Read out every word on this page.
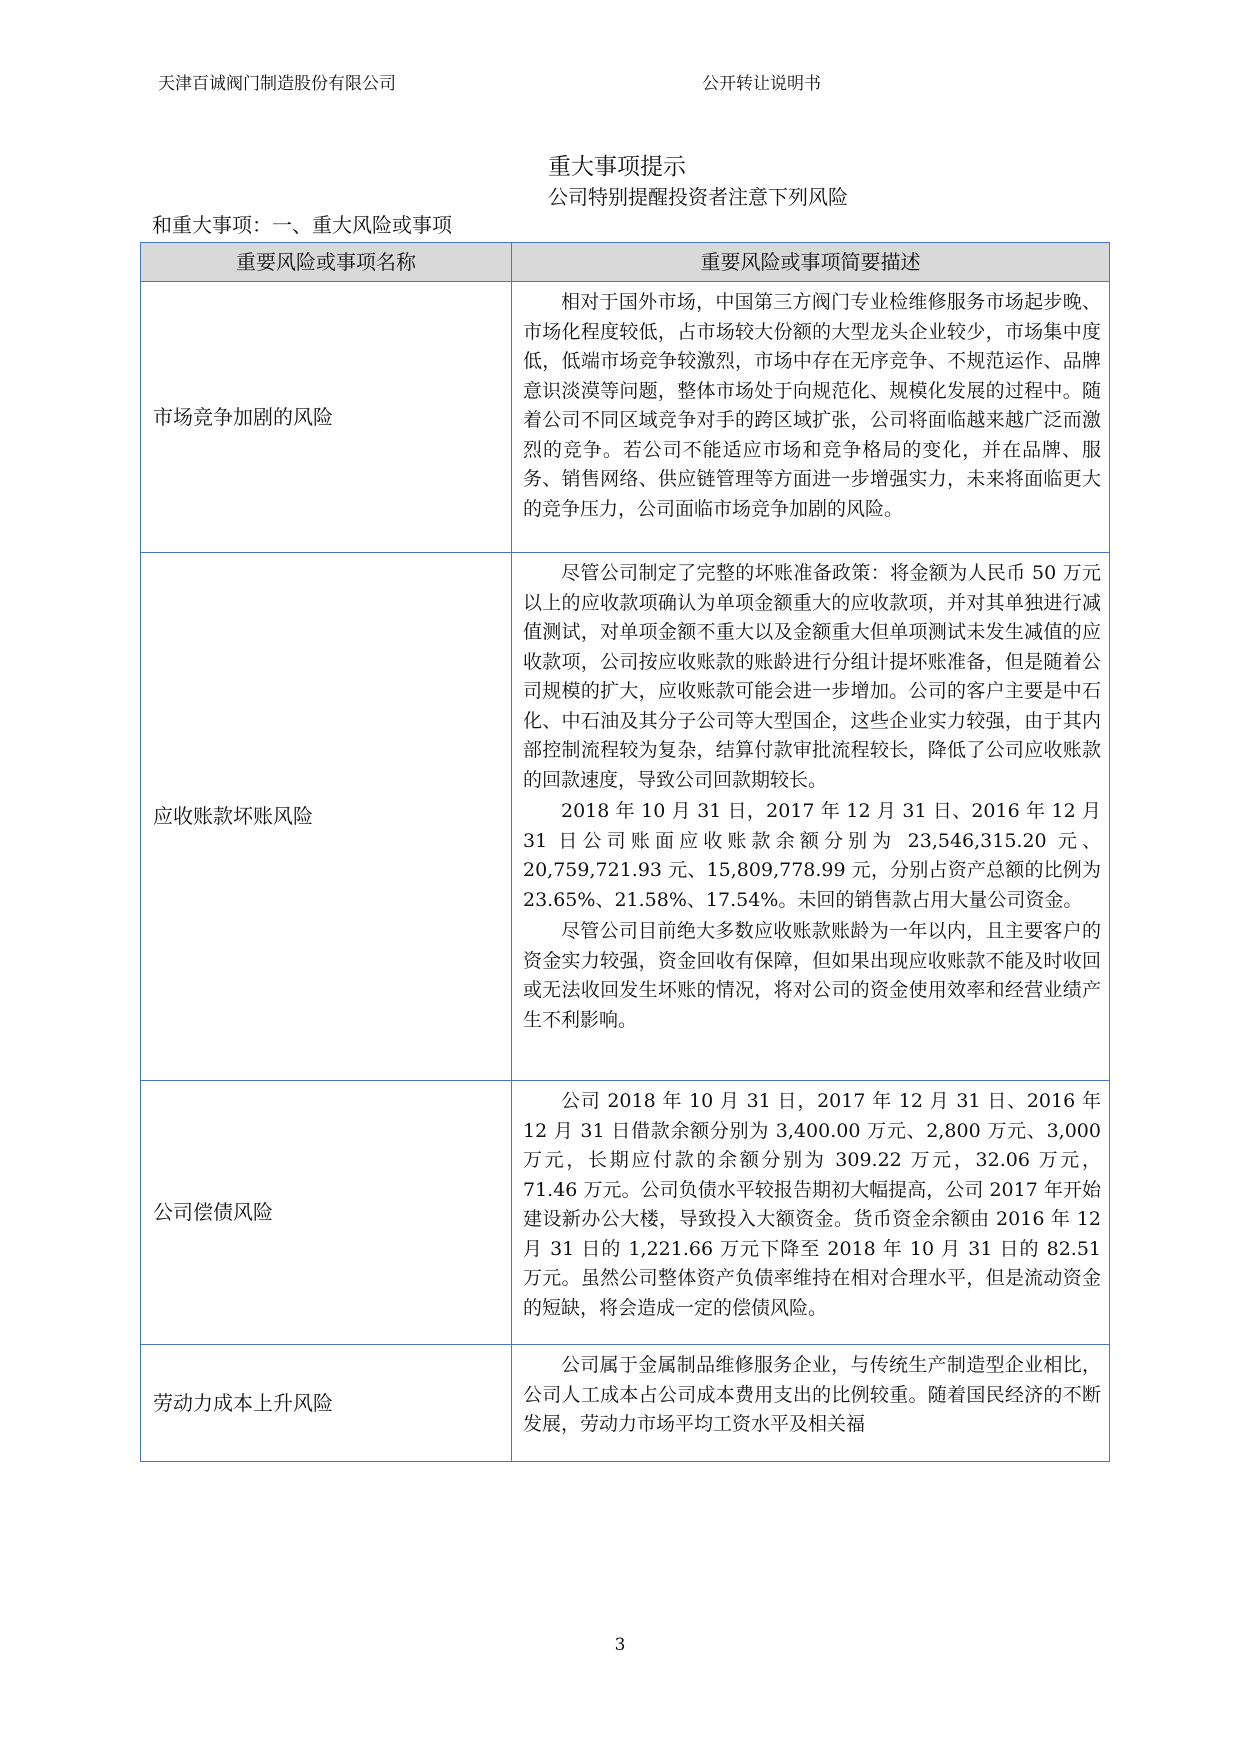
天津百诚阀门制造股份有限公司	公开转让说明书
重大事项提示
公司特别提醒投资者注意下列风险
和重大事项：一、重大风险或事项
重要风险或事项名称	重要风险或事项简要描述
市场竞争加剧的风险	相对于国外市场，中国第三方阀门专业检维修服务市场起步晚、市场化程度较低，占市场较大份额的大型龙头企业较少，市场集中度低，低端市场竞争较激烈，市场中存在无序竞争、不规范运作、品牌意识淡漠等问题，整体市场处于向规范化、规模化发展的过程中。随着公司不同区域竞争对手的跨区域扩张，公司将面临越来越广泛而激烈的竞争。若公司不能适应市场和竞争格局的变化，并在品牌、服务、销售网络、供应链管理等方面进一步增强实力，未来将面临更大的竞争压力，公司面临市场竞争加剧的风险。

应收账款坏账风险	尽管公司制定了完整的坏账准备政策：将金额为人民币 50 万元以上的应收款项确认为单项金额重大的应收款项，并对其单独进行减值测试，对单项金额不重大以及金额重大但单项测试未发生减值的应收款项，公司按应收账款的账龄进行分组计提坏账准备，但是随着公司规模的扩大，应收账款可能会进一步增加。公司的客户主要是中石化、中石油及其分子公司等大型国企，这些企业实力较强，由于其内部控制流程较为复杂，结算付款审批流程较长，降低了公司应收账款的回款速度，导致公司回款期较长。

2018 年 10 月 31 日，2017 年 12 月 31 日、2016 年 12 月 31 日公司账面应收账款余额分别为 23,546,315.20 元、20,759,721.93 元、15,809,778.99 元，分别占资产总额的比例为 23.65%、21.58%、17.54%。未回的销售款占用大量公司资金。

尽管公司目前绝大多数应收账款账龄为一年以内，且主要客户的资金实力较强，资金回收有保障，但如果出现应收账款不能及时收回或无法收回发生坏账的情况，将对公司的资金使用效率和经营业绩产生不利影响。

公司偿债风险	公司 2018 年 10 月 31 日，2017 年 12 月 31 日、2016 年 12 月 31 日借款余额分别为 3,400.00 万元、2,800 万元、3,000 万元，长期应付款的余额分别为 309.22 万元，32.06 万元， 71.46 万元。公司负债水平较报告期初大幅提高，公司 2017 年开始建设新办公大楼，导致投入大额资金。货币资金余额由 2016 年 12 月 31 日的 1,221.66 万元下降至 2018 年 10 月 31 日的 82.51 万元。虽然公司整体资产负债率维持在相对合理水平，但是流动资金的短缺，将会造成一定的偿债风险。

劳动力成本上升风险	公司属于金属制品维修服务企业，与传统生产制造型企业相比，公司人工成本占公司成本费用支出的比例较重。随着国民经济的不断发展，劳动力市场平均工资水平及相关福

3
